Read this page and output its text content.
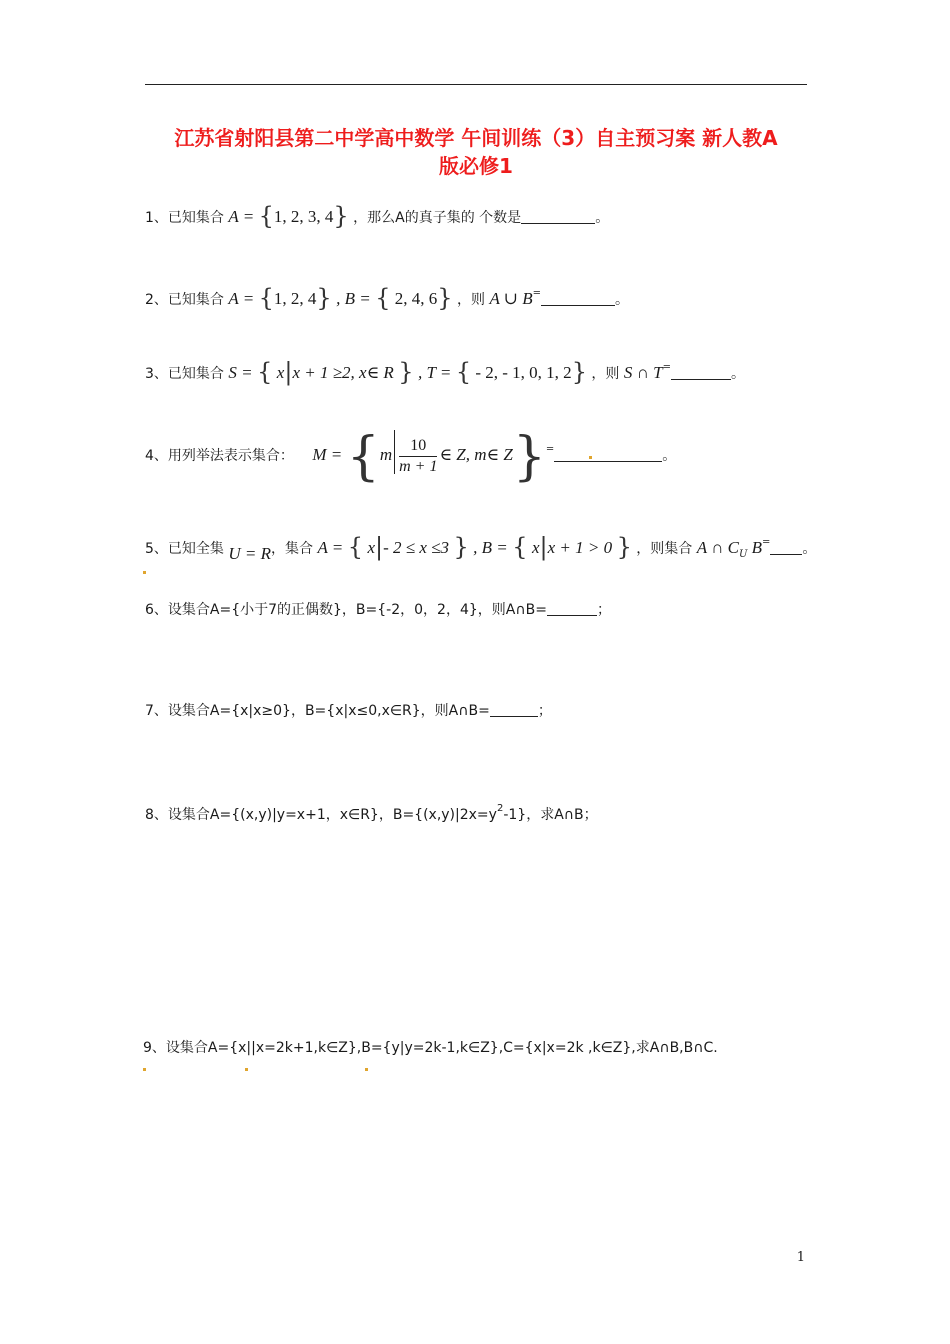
江苏省射阳县第二中学高中数学 午间训练（3）自主预习案 新人教A
版必修1
1、已知集合 A = {1, 2, 3, 4} ，那么A的真子集的 个数是	。
2、已知集合 A = {1, 2, 4} , B = { 2, 4, 6} ，则 A ∪ B=	。
3、已知集合 S = { x|x + 1 ≥2, x∈ R } , T = { - 2, - 1, 0, 1, 2} ，则 S ∩ T=	。
4、用列举法表示集合： $M = \{m \frac{10}{m + 1}$ ∈ Z, m∈ Z}=	。
5、已知全集 U = R，集合 A = { x|- 2 ≤ x ≤3 } , B = { x|x + 1 > 0 } ，则集合 A ∩ $C_U$ B= 。
6、设集合A={小于7的正偶数}，B={-2，0，2，4}，则A∩B=	；
7、设集合A={x|x≥0}，B={x|x≤0,x∈R}，则A∩B=	；
8、设集合A={(x,y)|y=x+1，x∈R}，$B=\{(x,y)|2x=y^2-1\}$，求A∩B；
9、设集合A={x||x=2k+1,k∈Z},B={y|y=2k-1,k∈Z},C={x|x=2k ,k∈Z},求A∩B,B∩C.
1
